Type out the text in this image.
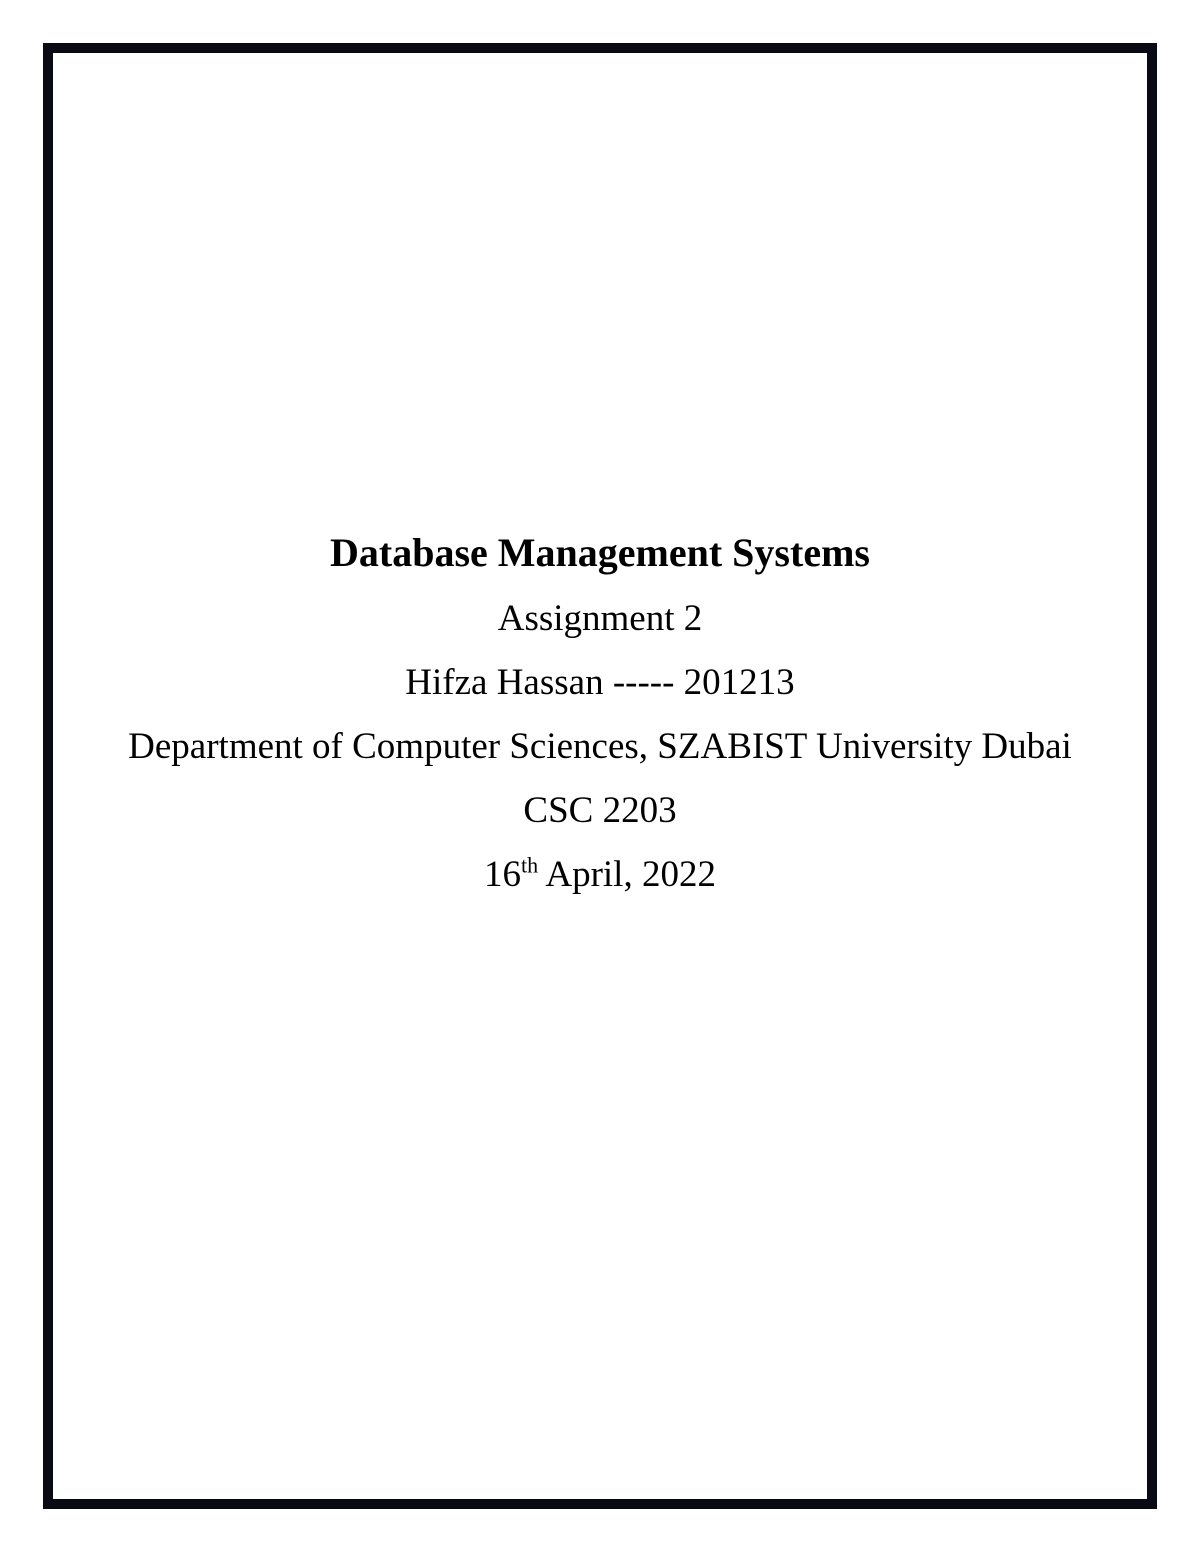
Database Management Systems

Assignment 2

Hifza Hassan ----- 201213

Department of Computer Sciences, SZABIST University Dubai

CSC 2203

16th April, 2022
